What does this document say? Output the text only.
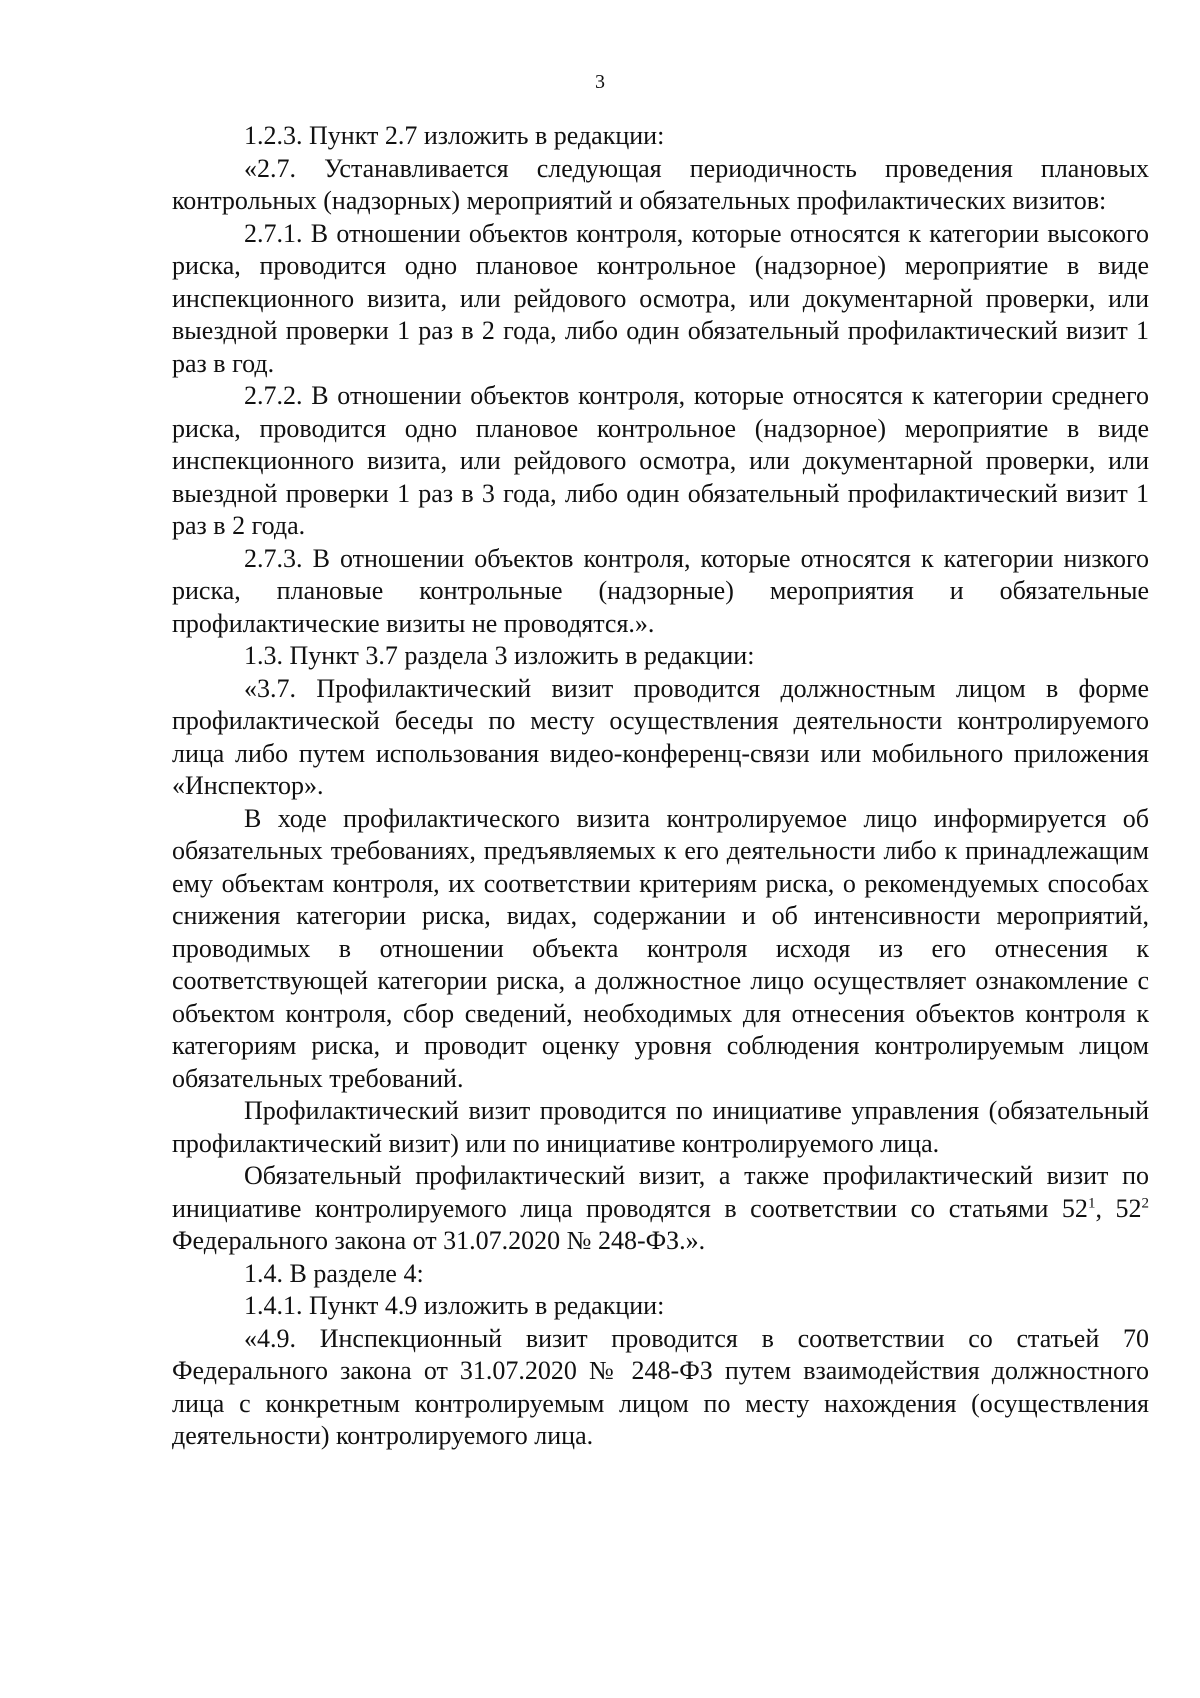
3

1.2.3. Пункт 2.7 изложить в редакции:

«2.7. Устанавливается следующая периодичность проведения плановых контрольных (надзорных) мероприятий и обязательных профилактических визитов:

2.7.1. В отношении объектов контроля, которые относятся к категории высокого риска, проводится одно плановое контрольное (надзорное) мероприятие в виде инспекционного визита, или рейдового осмотра, или документарной проверки, или выездной проверки 1 раз в 2 года, либо один обязательный профилактический визит 1 раз в год.

2.7.2. В отношении объектов контроля, которые относятся к категории среднего риска, проводится одно плановое контрольное (надзорное) мероприятие в виде инспекционного визита, или рейдового осмотра, или документарной проверки, или выездной проверки 1 раз в 3 года, либо один обязательный профилактический визит 1 раз в 2 года.

2.7.3. В отношении объектов контроля, которые относятся к категории низкого риска, плановые контрольные (надзорные) мероприятия и обязательные профилактические визиты не проводятся.».

1.3. Пункт 3.7 раздела 3 изложить в редакции:

«3.7. Профилактический визит проводится должностным лицом в форме профилактической беседы по месту осуществления деятельности контролируемого лица либо путем использования видео-конференц-связи или мобильного приложения «Инспектор».

В ходе профилактического визита контролируемое лицо информируется об обязательных требованиях, предъявляемых к его деятельности либо к принадлежащим ему объектам контроля, их соответствии критериям риска, о рекомендуемых способах снижения категории риска, видах, содержании и об интенсивности мероприятий, проводимых в отношении объекта контроля исходя из его отнесения к соответствующей категории риска, а должностное лицо осуществляет ознакомление с объектом контроля, сбор сведений, необходимых для отнесения объектов контроля к категориям риска, и проводит оценку уровня соблюдения контролируемым лицом обязательных требований.

Профилактический визит проводится по инициативе управления (обязательный профилактический визит) или по инициативе контролируемого лица.

Обязательный профилактический визит, а также профилактический визит по инициативе контролируемого лица проводятся в соответствии со статьями $52^1$, $52^2$ Федерального закона от 31.07.2020 № 248-ФЗ.».

1.4. В разделе 4:

1.4.1. Пункт 4.9 изложить в редакции:

«4.9. Инспекционный визит проводится в соответствии со статьей 70 Федерального закона от 31.07.2020 № 248-ФЗ путем взаимодействия должностного лица с конкретным контролируемым лицом по месту нахождения (осуществления деятельности) контролируемого лица.
